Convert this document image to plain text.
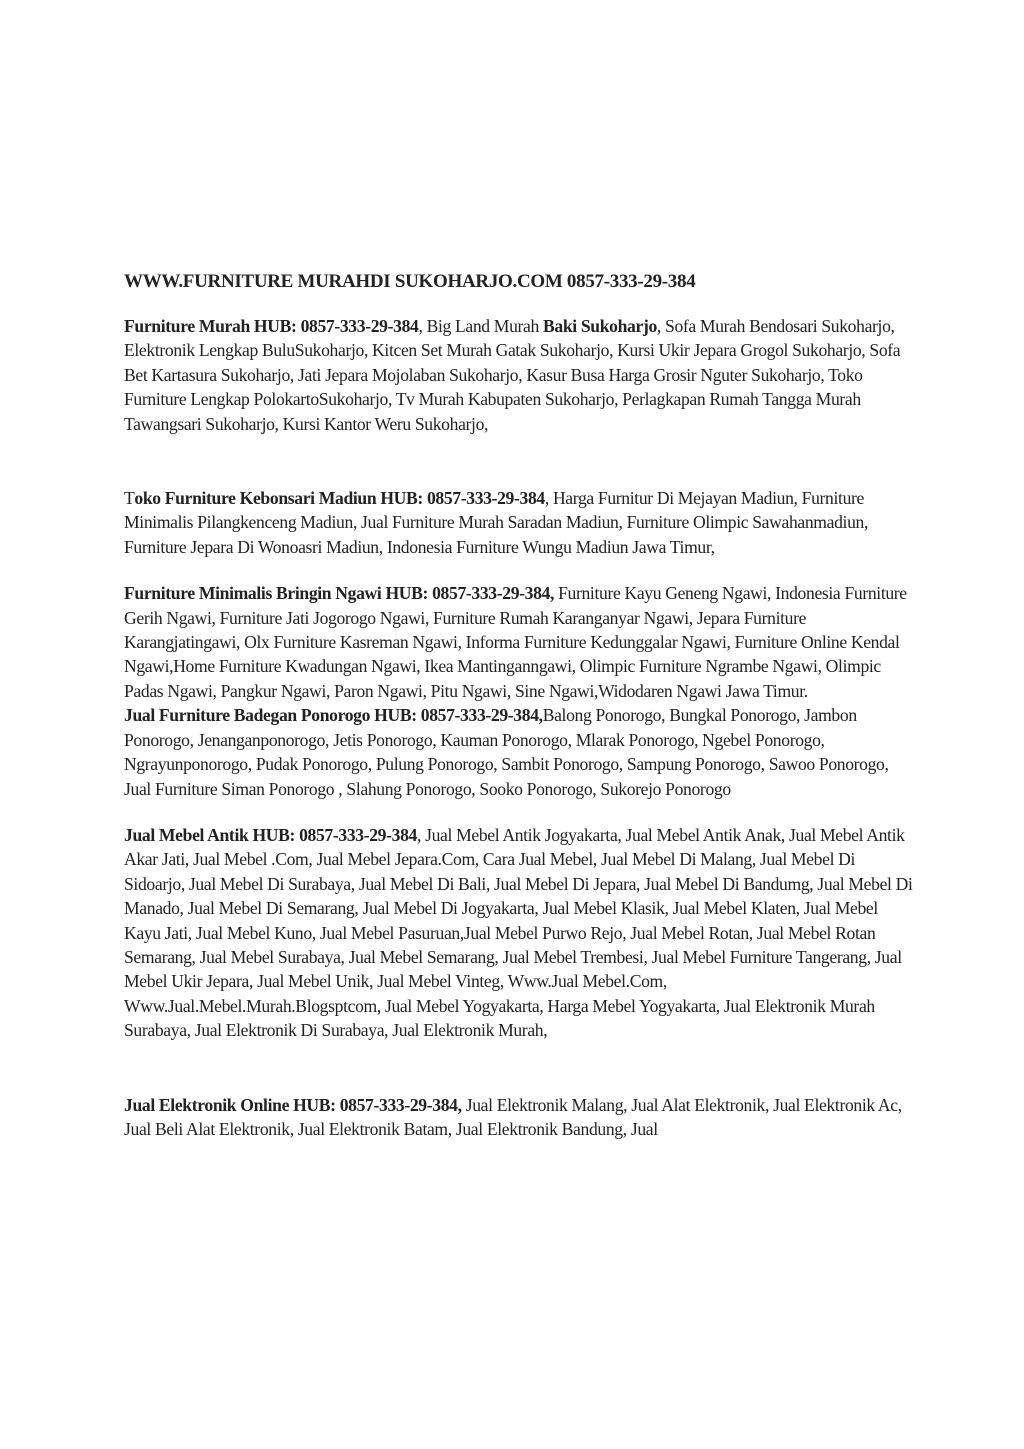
WWW.FURNITURE MURAHDI SUKOHARJO.COM 0857-333-29-384

Furniture Murah HUB: 0857-333-29-384, Big Land Murah Baki Sukoharjo, Sofa Murah Bendosari Sukoharjo, Elektronik Lengkap BuluSukoharjo, Kitcen Set Murah Gatak Sukoharjo, Kursi Ukir Jepara Grogol Sukoharjo, Sofa Bet Kartasura Sukoharjo, Jati Jepara Mojolaban Sukoharjo, Kasur Busa Harga Grosir Nguter Sukoharjo, Toko Furniture Lengkap PolokartoSukoharjo, Tv Murah Kabupaten Sukoharjo, Perlagkapan Rumah Tangga Murah Tawangsari Sukoharjo, Kursi Kantor Weru Sukoharjo,

Toko Furniture Kebonsari Madiun HUB: 0857-333-29-384, Harga Furnitur Di Mejayan Madiun, Furniture Minimalis Pilangkenceng Madiun, Jual Furniture Murah Saradan Madiun, Furniture Olimpic Sawahanmadiun, Furniture Jepara Di Wonoasri Madiun, Indonesia Furniture Wungu Madiun Jawa Timur,

Furniture Minimalis Bringin Ngawi HUB: 0857-333-29-384, Furniture Kayu Geneng Ngawi, Indonesia Furniture Gerih Ngawi, Furniture Jati Jogorogo Ngawi, Furniture Rumah Karanganyar Ngawi, Jepara Furniture Karangjatingawi, Olx Furniture Kasreman Ngawi, Informa Furniture Kedunggalar Ngawi, Furniture Online Kendal Ngawi,Home Furniture Kwadungan Ngawi, Ikea Mantinganngawi, Olimpic Furniture Ngrambe Ngawi, Olimpic Padas Ngawi, Pangkur Ngawi, Paron Ngawi, Pitu Ngawi, Sine Ngawi,Widodaren Ngawi Jawa Timur.

Jual Furniture Badegan Ponorogo HUB: 0857-333-29-384,Balong Ponorogo, Bungkal Ponorogo, Jambon Ponorogo, Jenanganponorogo, Jetis Ponorogo, Kauman Ponorogo, Mlarak Ponorogo, Ngebel Ponorogo, Ngrayunponorogo, Pudak Ponorogo, Pulung Ponorogo, Sambit Ponorogo, Sampung Ponorogo, Sawoo Ponorogo, Jual Furniture Siman Ponorogo , Slahung Ponorogo, Sooko Ponorogo, Sukorejo Ponorogo

Jual Mebel Antik HUB: 0857-333-29-384, Jual Mebel Antik Jogyakarta, Jual Mebel Antik Anak, Jual Mebel Antik Akar Jati, Jual Mebel .Com, Jual Mebel Jepara.Com, Cara Jual Mebel, Jual Mebel Di Malang, Jual Mebel Di Sidoarjo, Jual Mebel Di Surabaya, Jual Mebel Di Bali, Jual Mebel Di Jepara, Jual Mebel Di Bandumg, Jual Mebel Di Manado, Jual Mebel Di Semarang, Jual Mebel Di Jogyakarta, Jual Mebel Klasik, Jual Mebel Klaten, Jual Mebel Kayu Jati, Jual Mebel Kuno, Jual Mebel Pasuruan,Jual Mebel Purwo Rejo, Jual Mebel Rotan, Jual Mebel Rotan Semarang, Jual Mebel Surabaya, Jual Mebel Semarang, Jual Mebel Trembesi, Jual Mebel Furniture Tangerang, Jual Mebel Ukir Jepara, Jual Mebel Unik, Jual Mebel Vinteg, Www.Jual Mebel.Com, Www.Jual.Mebel.Murah.Blogsptcom, Jual Mebel Yogyakarta, Harga Mebel Yogyakarta, Jual Elektronik Murah Surabaya, Jual Elektronik Di Surabaya, Jual Elektronik Murah,

Jual Elektronik Online HUB: 0857-333-29-384, Jual Elektronik Malang, Jual Alat Elektronik, Jual Elektronik Ac, Jual Beli Alat Elektronik, Jual Elektronik Batam, Jual Elektronik Bandung, Jual
